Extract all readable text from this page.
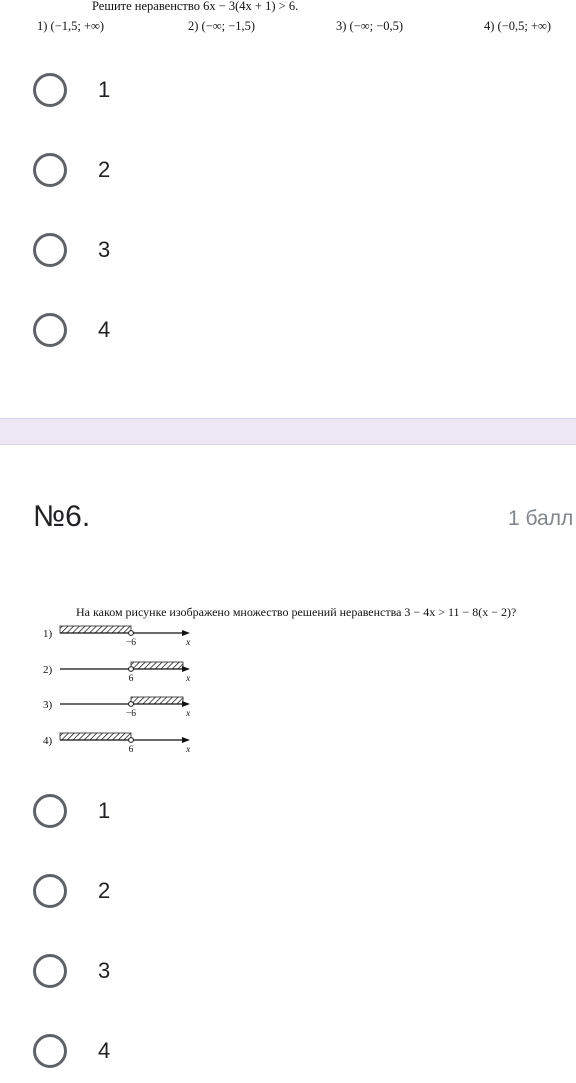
Решите неравенство 6x − 3(4x + 1) > 6.
1) (−1,5; +∞)	2) (−∞; −1,5)	3) (−∞; −0,5)	4) (−0,5; +∞)
1
2
3
4
№6.	1 балл
На каком рисунке изображено множество решений неравенства 3 − 4x > 11 − 8(x − 2)?
1)
−6	x
2)
6	x
3)
−6	x
4)
6	x
1
2
3
4
